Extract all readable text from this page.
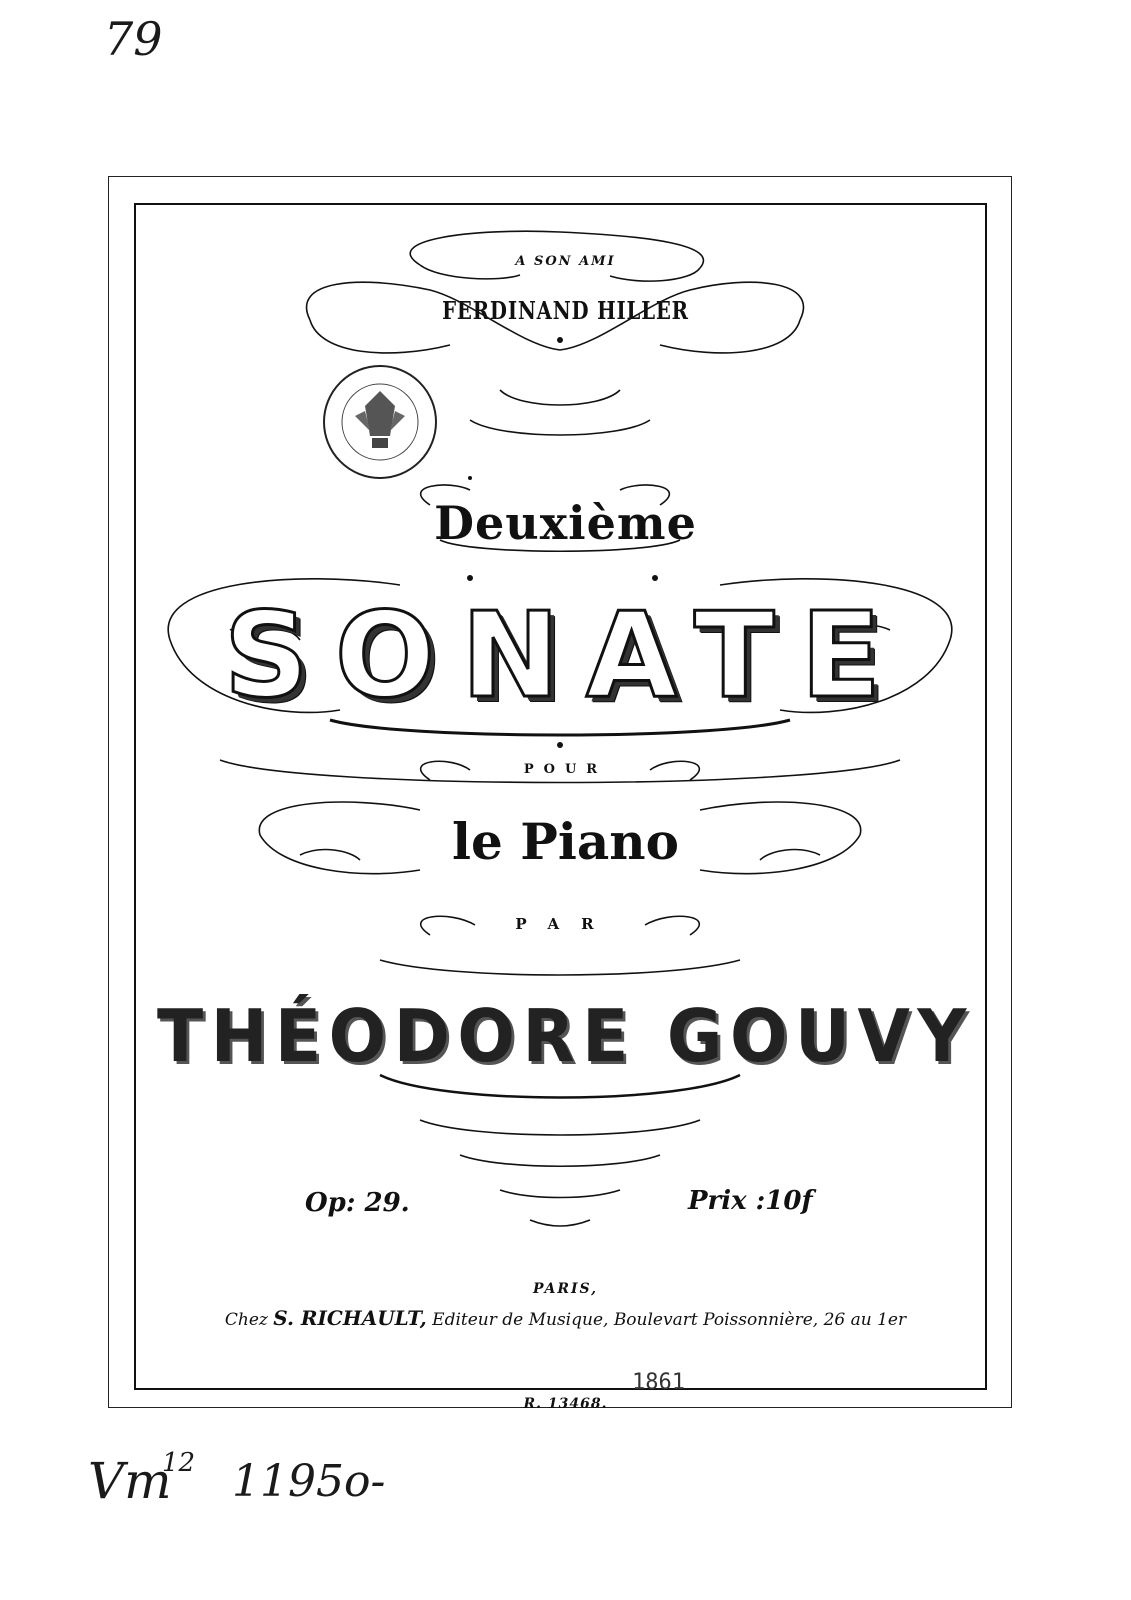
79
Vm
12 1195o-
A SON AMI
FERDINAND HILLER
Deuxième
SONATE
POUR
le Piano
PAR
THÉODORE GOUVY
Op: 29.	Prix :10f
PARIS,
Chez S. RICHAULT, Editeur de Musique, Boulevart Poissonnière, 26 au 1er
1861
R. 13468.
